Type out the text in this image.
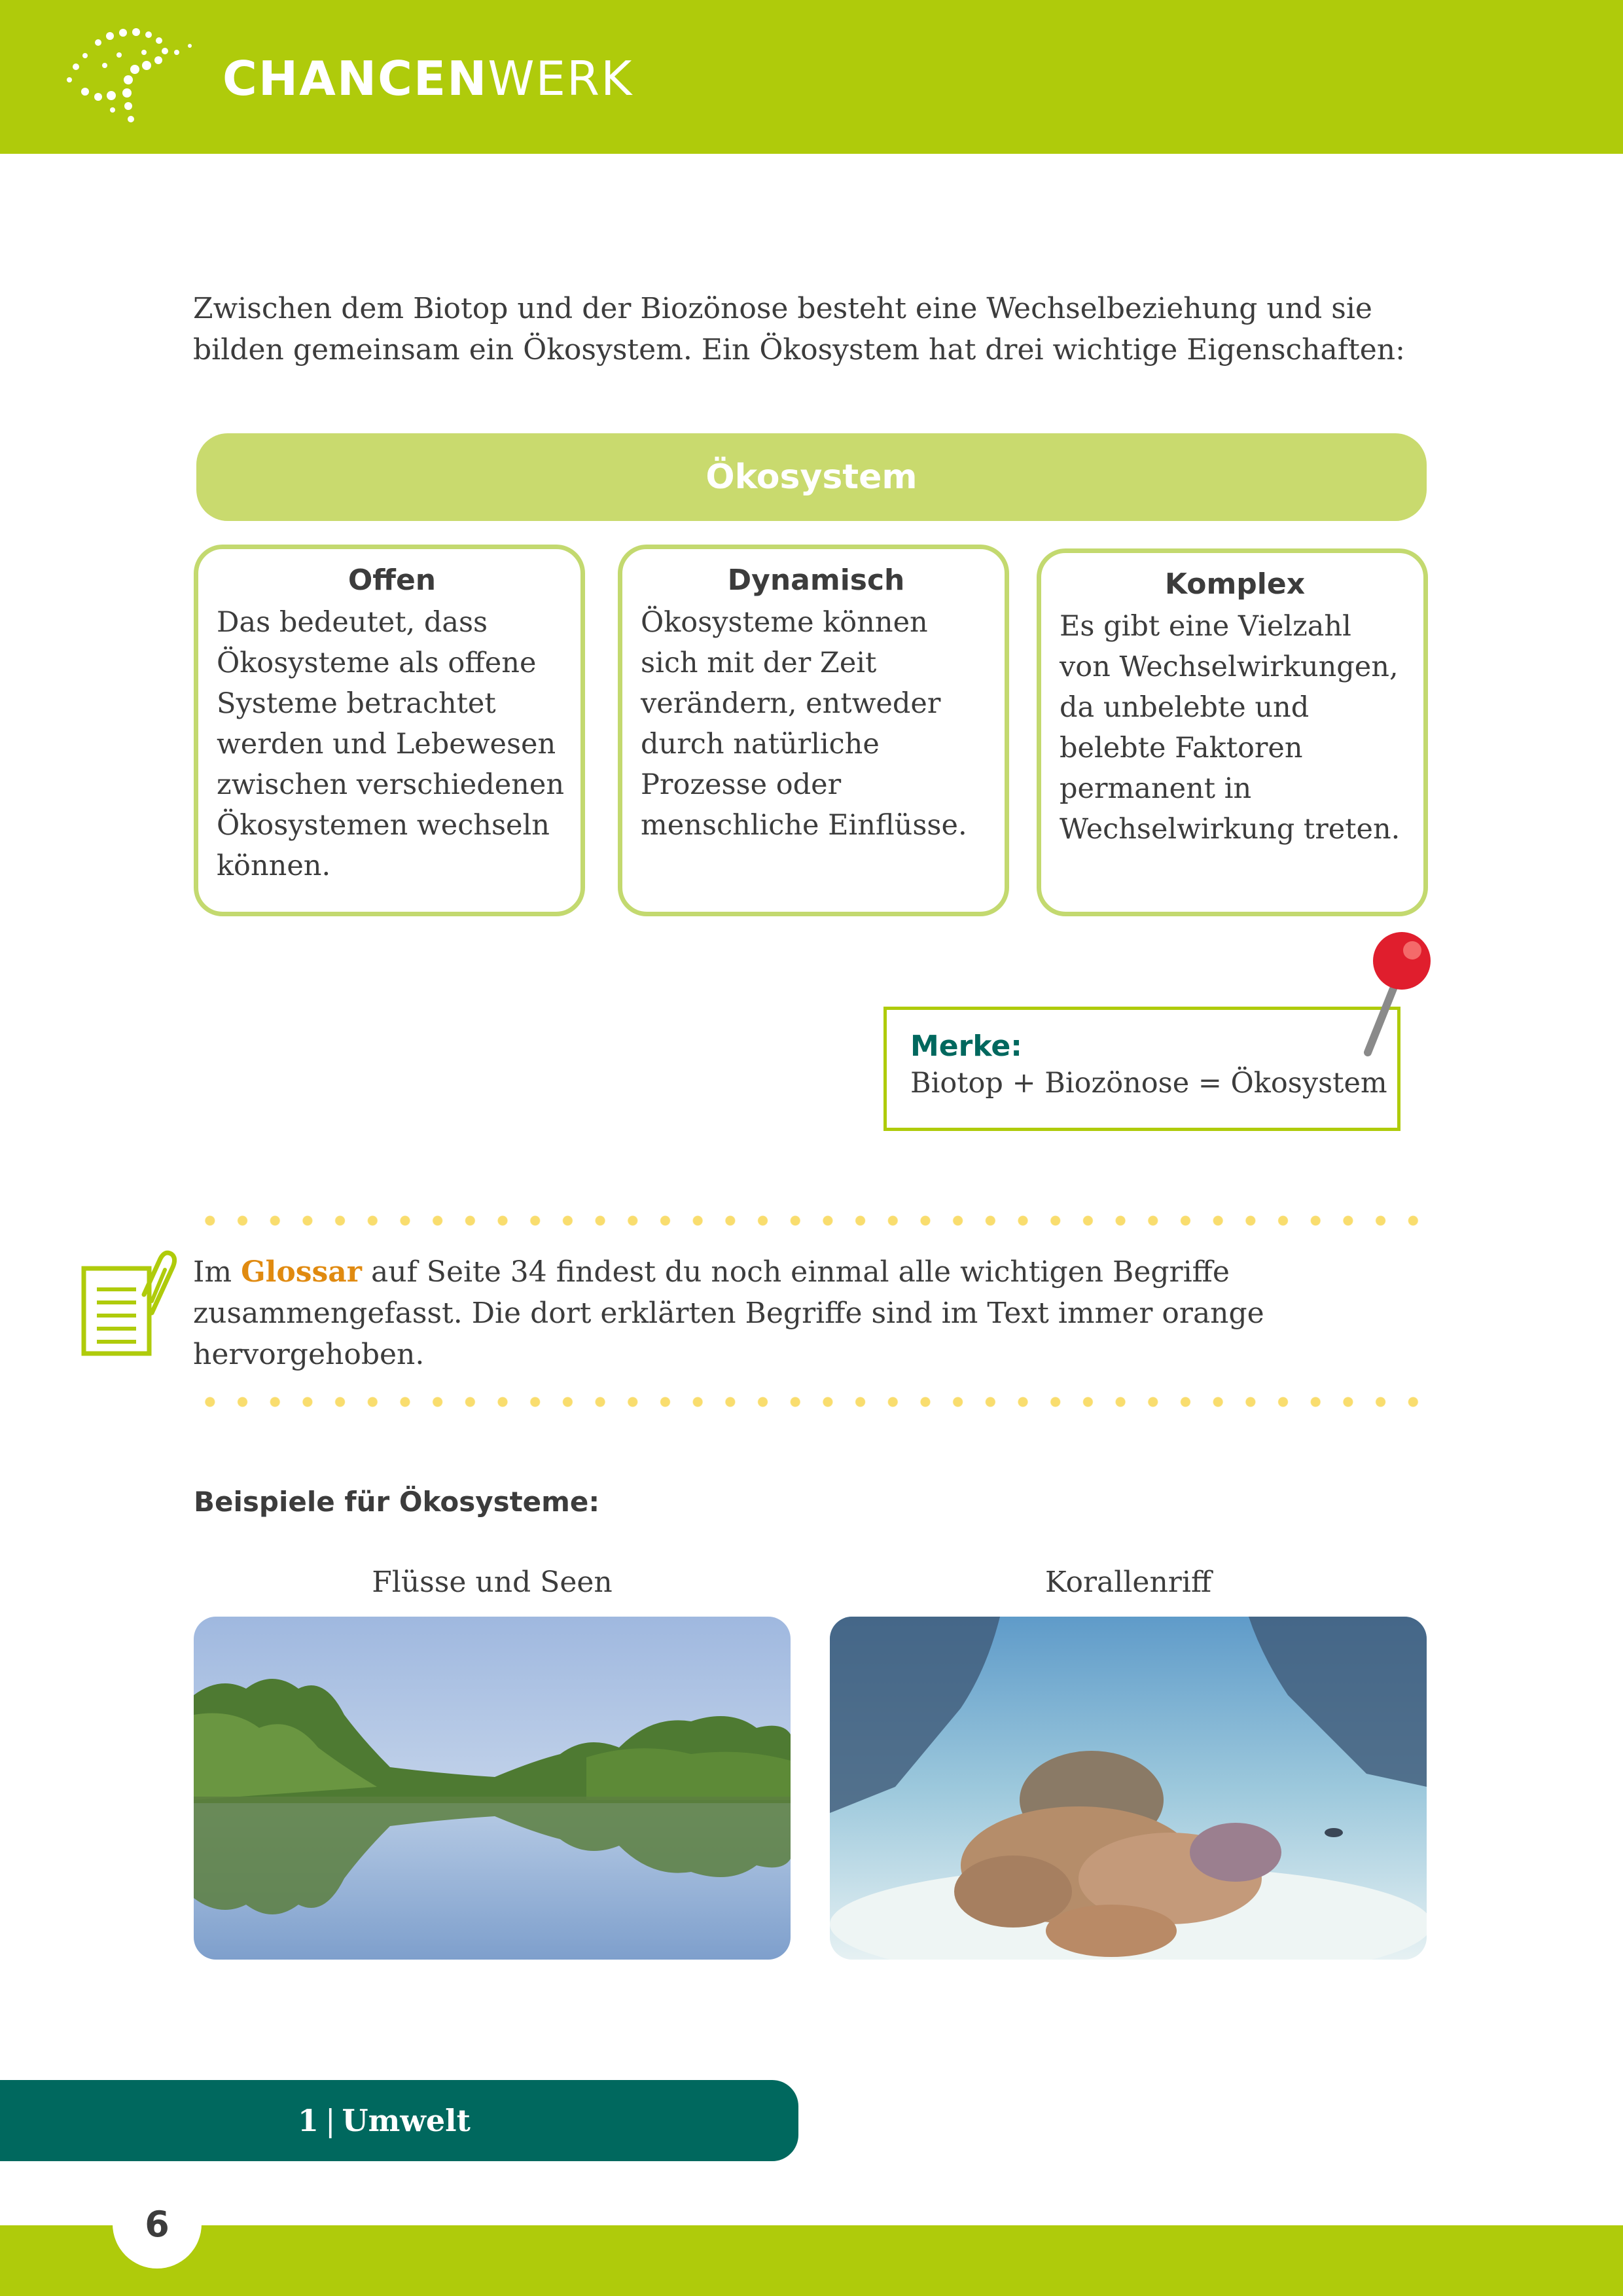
CHANCENWERK

Zwischen dem Biotop und der Biozönose besteht eine Wechselbeziehung und sie bilden gemeinsam ein Ökosystem. Ein Ökosystem hat drei wichtige Eigenschaften:

Ökosystem
Offen

Das bedeutet, dass Ökosysteme als offene Systeme betrachtet werden und Lebewesen zwischen verschiedenen Ökosystemen wechseln können.

Dynamisch

Ökosysteme können sich mit der Zeit verändern, entweder durch natürliche Prozesse oder menschliche Einflüsse.

Komplex

Es gibt eine Vielzahl von Wechselwirkungen, da unbelebte und belebte Faktoren permanent in Wechselwirkung treten.

Merke:
Biotop + Biozönose = Ökosystem

Im Glossar auf Seite 34 findest du noch einmal alle wichtigen Begriffe zusammengefasst. Die dort erklärten Begriffe sind im Text immer orange hervorgehoben.

Beispiele für Ökosysteme:
Flüsse und Seen	Korallenriff
1 | Umwelt
6
